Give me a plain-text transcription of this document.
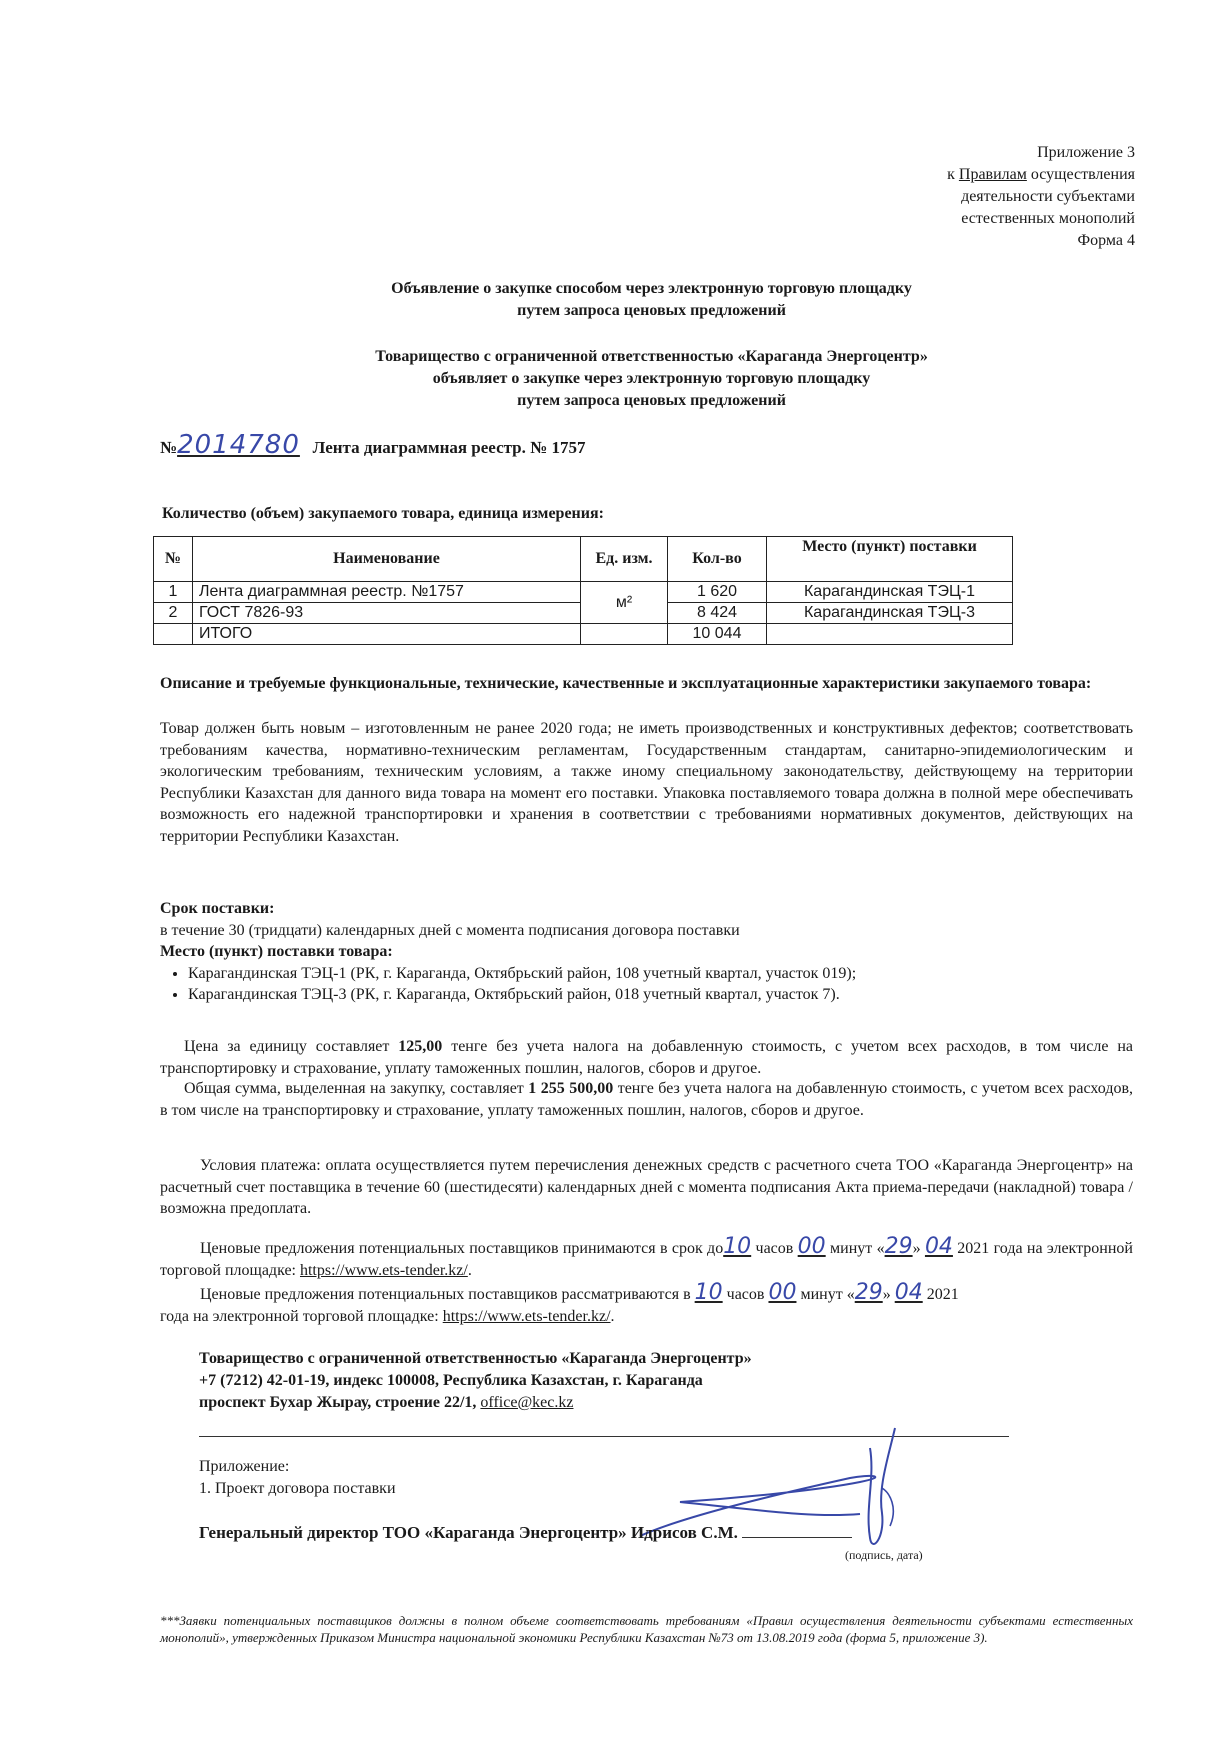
Приложение 3
к Правилам осуществления
деятельности субъектами
естественных монополий
Форма 4
Объявление о закупке способом через электронную торговую площадку
путем запроса ценовых предложений
Товарищество с ограниченной ответственностью «Караганда Энергоцентр»
объявляет о закупке через электронную торговую площадку
путем запроса ценовых предложений
№2014780 Лента диаграммная реестр. № 1757
Количество (объем) закупаемого товара, единица измерения:
№	Наименование	Ед. изм.	Кол-во	Место (пункт) поставки
1	Лента диаграммная реестр. №1757	м²	1 620	Карагандинская ТЭЦ-1
2	ГОСТ 7826-93		8 424	Карагандинская ТЭЦ-3
	ИТОГО		10 044	
Описание и требуемые функциональные, технические, качественные и эксплуатационные характеристики закупаемого товара:
Товар должен быть новым – изготовленным не ранее 2020 года; не иметь производственных и конструктивных дефектов; соответствовать требованиям качества, нормативно-техническим регламентам, Государственным стандартам, санитарно-эпидемиологическим и экологическим требованиям, техническим условиям, а также иному специальному законодательству, действующему на территории Республики Казахстан для данного вида товара на момент его поставки. Упаковка поставляемого товара должна в полной мере обеспечивать возможность его надежной транспортировки и хранения в соответствии с требованиями нормативных документов, действующих на территории Республики Казахстан.
Срок поставки:
в течение 30 (тридцати) календарных дней с момента подписания договора поставки
Место (пункт) поставки товара:
• Карагандинская ТЭЦ-1 (РК, г. Караганда, Октябрьский район, 108 учетный квартал, участок 019);
• Карагандинская ТЭЦ-3 (РК, г. Караганда, Октябрьский район, 018 учетный квартал, участок 7).
Цена за единицу составляет 125,00 тенге без учета налога на добавленную стоимость, с учетом всех расходов, в том числе на транспортировку и страхование, уплату таможенных пошлин, налогов, сборов и другое.
Общая сумма, выделенная на закупку, составляет 1 255 500,00 тенге без учета налога на добавленную стоимость, с учетом всех расходов, в том числе на транспортировку и страхование, уплату таможенных пошлин, налогов, сборов и другое.
Условия платежа: оплата осуществляется путем перечисления денежных средств с расчетного счета ТОО «Караганда Энергоцентр» на расчетный счет поставщика в течение 60 (шестидесяти) календарных дней с момента подписания Акта приема-передачи (накладной) товара / возможна предоплата.
Ценовые предложения потенциальных поставщиков принимаются в срок до10 часов 00 минут «29» 04 2021 года на электронной торговой площадке: https://www.ets-tender.kz/.
Ценовые предложения потенциальных поставщиков рассматриваются в 10 часов 00 минут «29» 04 2021
года на электронной торговой площадке: https://www.ets-tender.kz/.
Товарищество с ограниченной ответственностью «Караганда Энергоцентр»
+7 (7212) 42-01-19, индекс 100008, Республика Казахстан, г. Караганда
проспект Бухар Жырау, строение 22/1, office@kec.kz
Приложение:
1. Проект договора поставки
Генеральный директор ТОО «Караганда Энергоцентр» Идрисов С.М.
(подпись, дата)
***Заявки потенциальных поставщиков должны в полном объеме соответствовать требованиям «Правил осуществления деятельности субъектами естественных монополий», утвержденных Приказом Министра национальной экономики Республики Казахстан №73 от 13.08.2019 года (форма 5, приложение 3).
